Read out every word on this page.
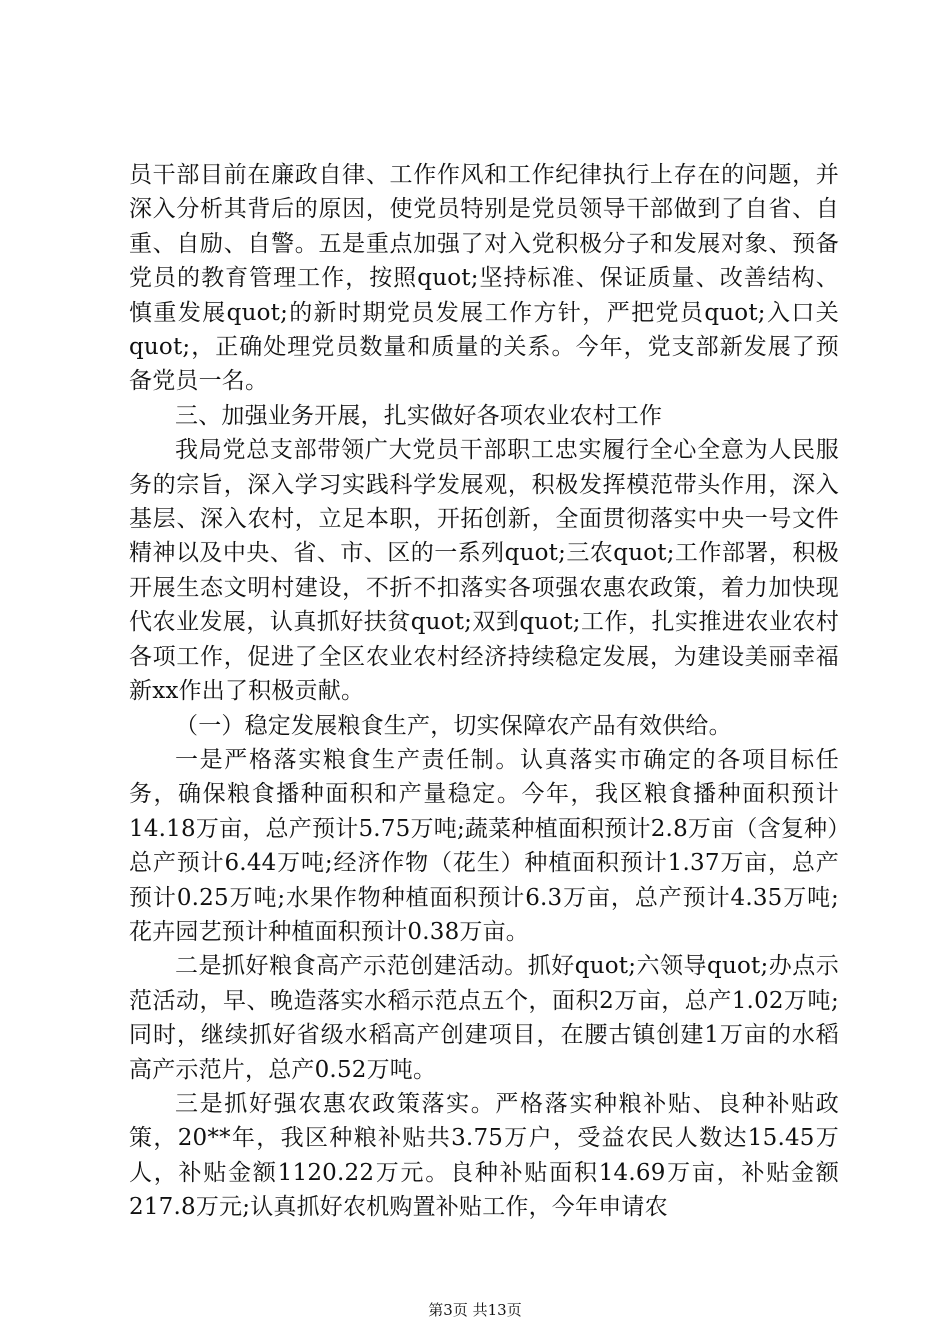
员干部目前在廉政自律、工作作风和工作纪律执行上存在的问题，并深入分析其背后的原因，使党员特别是党员领导干部做到了自省、自重、自励、自警。五是重点加强了对入党积极分子和发展对象、预备党员的教育管理工作，按照quot;坚持标准、保证质量、改善结构、慎重发展quot;的新时期党员发展工作方针，严把党员quot;入口关quot;，正确处理党员数量和质量的关系。今年，党支部新发展了预备党员一名。

三、加强业务开展，扎实做好各项农业农村工作

我局党总支部带领广大党员干部职工忠实履行全心全意为人民服务的宗旨，深入学习实践科学发展观，积极发挥模范带头作用，深入基层、深入农村，立足本职，开拓创新，全面贯彻落实中央一号文件精神以及中央、省、市、区的一系列quot;三农quot;工作部署，积极开展生态文明村建设，不折不扣落实各项强农惠农政策，着力加快现代农业发展，认真抓好扶贫quot;双到quot;工作，扎实推进农业农村各项工作，促进了全区农业农村经济持续稳定发展，为建设美丽幸福新xx作出了积极贡献。

（一）稳定发展粮食生产，切实保障农产品有效供给。

一是严格落实粮食生产责任制。认真落实市确定的各项目标任务，确保粮食播种面积和产量稳定。今年，我区粮食播种面积预计14.18万亩，总产预计5.75万吨;蔬菜种植面积预计2.8万亩（含复种）总产预计6.44万吨;经济作物（花生）种植面积预计1.37万亩，总产预计0.25万吨;水果作物种植面积预计6.3万亩，总产预计4.35万吨;花卉园艺预计种植面积预计0.38万亩。

二是抓好粮食高产示范创建活动。抓好quot;六领导quot;办点示范活动，早、晚造落实水稻示范点五个，面积2万亩，总产1.02万吨;同时，继续抓好省级水稻高产创建项目，在腰古镇创建1万亩的水稻高产示范片，总产0.52万吨。

三是抓好强农惠农政策落实。严格落实种粮补贴、良种补贴政策，20**年，我区种粮补贴共3.75万户，受益农民人数达15.45万人，补贴金额1120.22万元。良种补贴面积14.69万亩，补贴金额217.8万元;认真抓好农机购置补贴工作，今年申请农

第3页 共13页
